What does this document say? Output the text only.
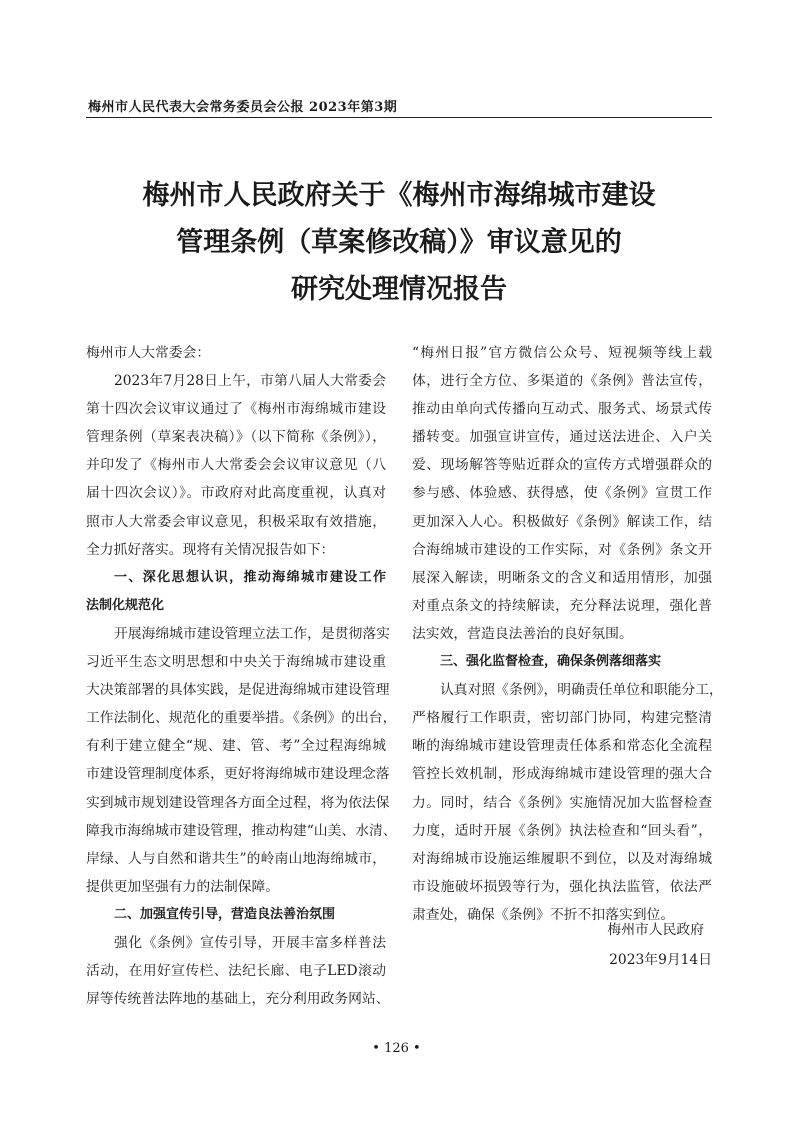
梅州市人民代表大会常务委员会公报 2023年第3期
梅州市人民政府关于《梅州市海绵城市建设
管理条例（草案修改稿）》审议意见的
研究处理情况报告
梅州市人大常委会：
2023年7月28日上午，市第八届人大常委会
第十四次会议审议通过了《梅州市海绵城市建设
管理条例（草案表决稿）》（以下简称《条例》），
并印发了《梅州市人大常委会会议审议意见（八
届十四次会议）》。市政府对此高度重视，认真对
照市人大常委会审议意见，积极采取有效措施，
全力抓好落实。现将有关情况报告如下：
一、深化思想认识，推动海绵城市建设工作
法制化规范化
开展海绵城市建设管理立法工作，是贯彻落实
习近平生态文明思想和中央关于海绵城市建设重
大决策部署的具体实践，是促进海绵城市建设管理
工作法制化、规范化的重要举措。《条例》的出台，
有利于建立健全“规、建、管、考”全过程海绵城
市建设管理制度体系，更好将海绵城市建设理念落
实到城市规划建设管理各方面全过程，将为依法保
障我市海绵城市建设管理，推动构建“山美、水清、
岸绿、人与自然和谐共生”的岭南山地海绵城市，
提供更加坚强有力的法制保障。
二、加强宣传引导，营造良法善治氛围
强化《条例》宣传引导，开展丰富多样普法
活动，在用好宣传栏、法纪长廊、电子LED滚动
屏等传统普法阵地的基础上，充分利用政务网站、
“梅州日报”官方微信公众号、短视频等线上载
体，进行全方位、多渠道的《条例》普法宣传，
推动由单向式传播向互动式、服务式、场景式传
播转变。加强宣讲宣传，通过送法进企、入户关
爱、现场解答等贴近群众的宣传方式增强群众的
参与感、体验感、获得感，使《条例》宣贯工作
更加深入人心。积极做好《条例》解读工作，结
合海绵城市建设的工作实际，对《条例》条文开
展深入解读，明晰条文的含义和适用情形，加强
对重点条文的持续解读，充分释法说理，强化普
法实效，营造良法善治的良好氛围。
三、强化监督检查，确保条例落细落实
认真对照《条例》，明确责任单位和职能分工，
严格履行工作职责，密切部门协同，构建完整清
晰的海绵城市建设管理责任体系和常态化全流程
管控长效机制，形成海绵城市建设管理的强大合
力。同时，结合《条例》实施情况加大监督检查
力度，适时开展《条例》执法检查和“回头看”，
对海绵城市设施运维履职不到位，以及对海绵城
市设施破坏损毁等行为，强化执法监管，依法严
肃查处，确保《条例》不折不扣落实到位。
梅州市人民政府
2023年9月14日
• 126 •
